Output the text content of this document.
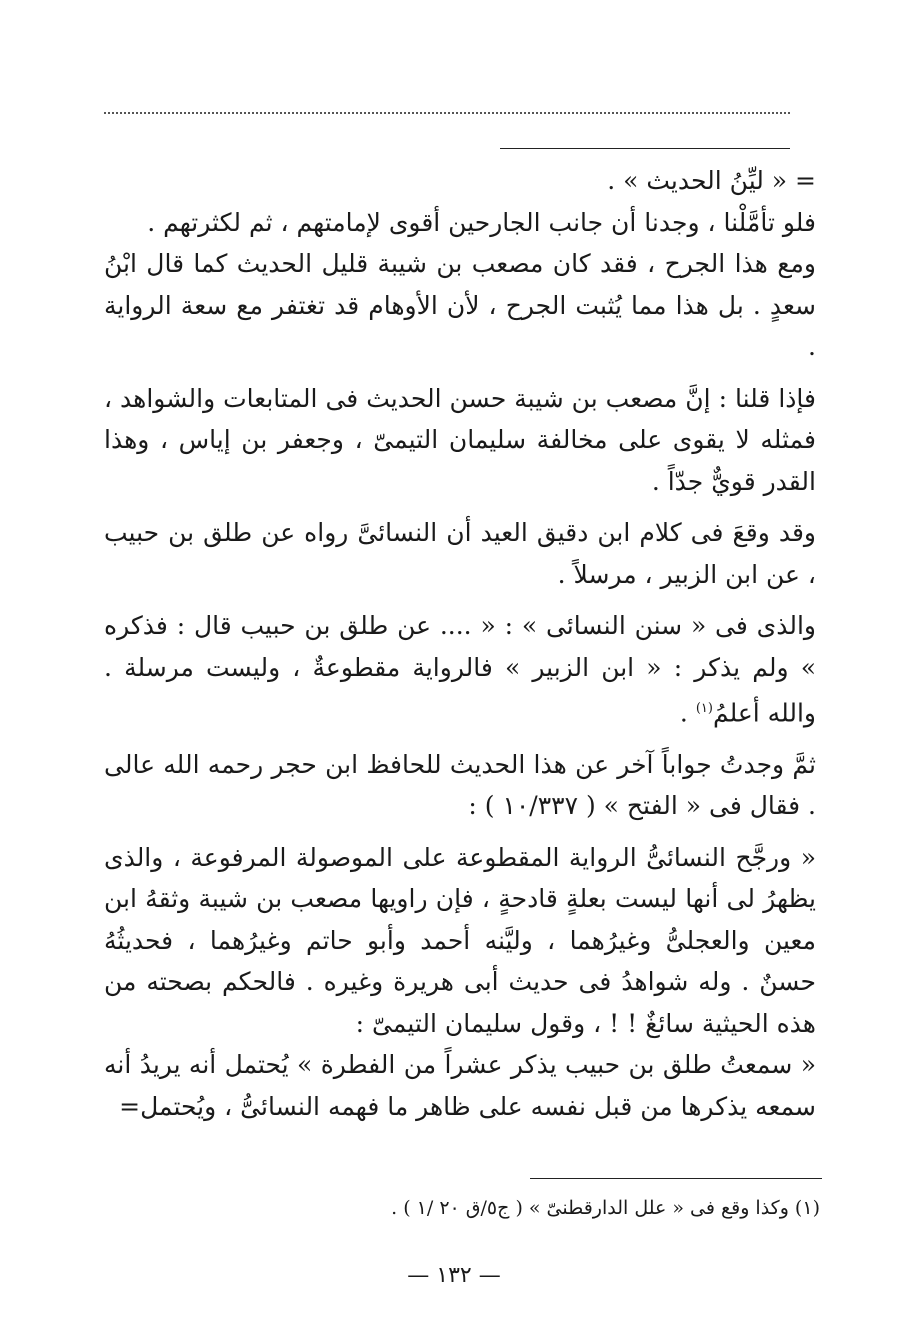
= « ليِّنُ الحديث » .

فلو تأمَّلْنا ، وجدنا أن جانب الجارحين أقوى لإمامتهم ، ثم لكثرتهم .

ومع هذا الجرح ، فقد كان مصعب بن شيبة قليل الحديث كما قال ابْنُ سعدٍ . بل هذا مما يُثبت الجرح ، لأن الأوهام قد تغتفر مع سعة الرواية .

فإذا قلنا : إنَّ مصعب بن شيبة حسن الحديث فى المتابعات والشواهد ، فمثله لا يقوى على مخالفة سليمان التيمىّ ، وجعفر بن إياس ، وهذا القدر قويٌّ جدّاً .

وقد وقعَ فى كلام ابن دقيق العيد أن النسائىَّ رواه عن طلق بن حبيب ، عن ابن الزبير ، مرسلاً .

والذى فى « سنن النسائى » : « .... عن طلق بن حبيب قال : فذكره » ولم يذكر : « ابن الزبير » فالرواية مقطوعةٌ ، وليست مرسلة . والله أعلمُ$^{(١)}$ .

ثمَّ وجدتُ جواباً آخر عن هذا الحديث للحافظ ابن حجر رحمه الله عالى . فقال فى « الفتح » ( ١٠/٣٣٧ ) :

« ورجَّح النسائىُّ الرواية المقطوعة على الموصولة المرفوعة ، والذى يظهرُ لى أنها ليست بعلةٍ قادحةٍ ، فإن راويها مصعب بن شيبة وثقهُ ابن معين والعجلىُّ وغيرُهما ، وليَّنه أحمد وأبو حاتم وغيرُهما ، فحديثُهُ حسنٌ . وله شواهدُ فى حديث أبى هريرة وغيره . فالحكم بصحته من هذه الحيثية سائغٌ ! ! ، وقول سليمان التيمىّ :

« سمعتُ طلق بن حبيب يذكر عشراً من الفطرة » يُحتمل أنه يريدُ أنه سمعه يذكرها من قبل نفسه على ظاهر ما فهمه النسائىُّ ، ويُحتمل=

(١) وكذا وقع فى « علل الدارقطنىّ » ( ج٥/ق ٢٠ /١ ) .
— ١٣٢ —
